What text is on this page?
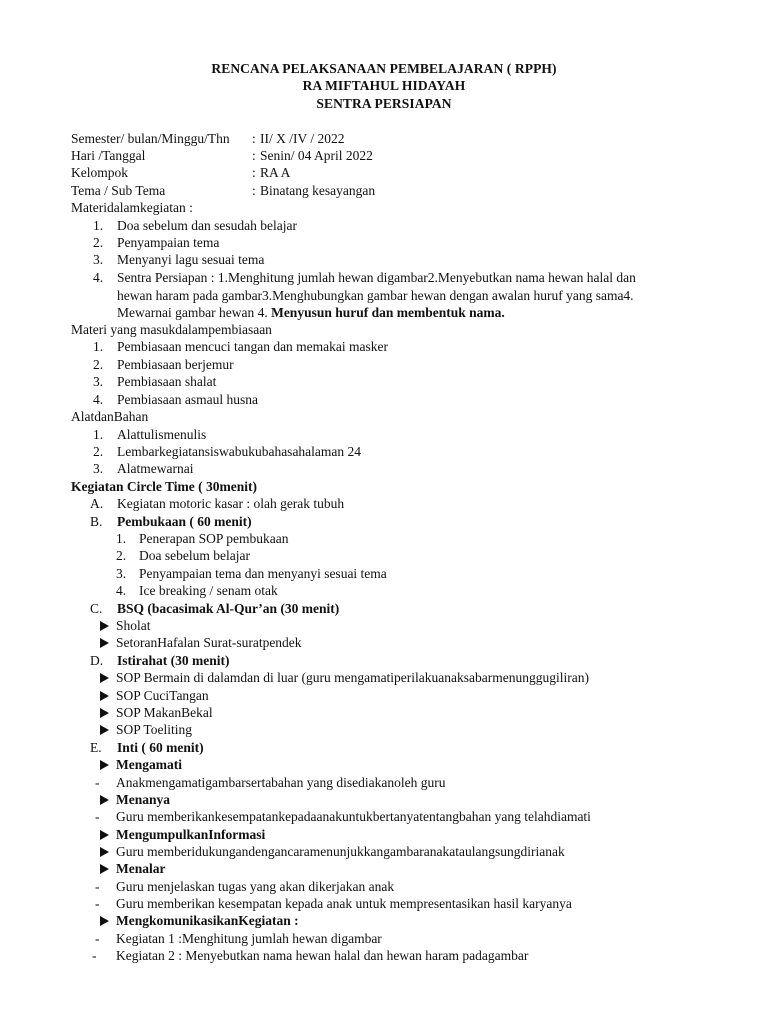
RENCANA PELAKSANAAN PEMBELAJARAN ( RPPH)
RA MIFTAHUL HIDAYAH
SENTRA PERSIAPAN
Semester/ bulan/Minggu/Thn : II/ X /IV / 2022
Hari /Tanggal	: Senin/ 04 April 2022
Kelompok	: RA A
Tema / Sub Tema	: Binatang kesayangan
Materidalamkegiatan :
1. Doa sebelum dan sesudah belajar
2. Penyampaian tema
3. Menyanyi lagu sesuai tema
4. Sentra Persiapan : 1.Menghitung jumlah hewan digambar2.Menyebutkan nama hewan halal dan
hewan haram pada gambar3.Menghubungkan gambar hewan dengan awalan huruf yang sama4.
Mewarnai gambar hewan 4. Menyusun huruf dan membentuk nama.
Materi yang masukdalampembiasaan
1. Pembiasaan mencuci tangan dan memakai masker
2. Pembiasaan berjemur
3. Pembiasaan shalat
4. Pembiasaan asmaul husna
AlatdanBahan
1. Alattulismenulis
2. Lembarkegiatansiswabukubahasahalaman 24
3. Alatmewarnai
Kegiatan Circle Time ( 30menit)
A. Kegiatan motoric kasar : olah gerak tubuh
B. Pembukaan ( 60 menit)
1. Penerapan SOP pembukaan
2. Doa sebelum belajar
3. Penyampaian tema dan menyanyi sesuai tema
4. Ice breaking / senam otak
C. BSQ (bacasimak Al-Qur’an (30 menit)
Sholat
SetoranHafalan Surat-suratpendek
D. Istirahat (30 menit)
SOP Bermain di dalamdan di luar (guru mengamatiperilakuanaksabarmenunggugiliran)
SOP CuciTangan
SOP MakanBekal
SOP Toeliting
E. Inti ( 60 menit)
Mengamati
- Anakmengamatigambarsertabahan yang disediakanoleh guru
Menanya
- Guru memberikankesempatankepadaanakuntukbertanyatentangbahan yang telahdiamati
MengumpulkanInformasi
Guru memberidukungandengancaramenunjukkangambaranakataulangsungdirianak
Menalar
- Guru menjelaskan tugas yang akan dikerjakan anak
- Guru memberikan kesempatan kepada anak untuk mempresentasikan hasil karyanya
MengkomunikasikanKegiatan :
- Kegiatan 1 :Menghitung jumlah hewan digambar
- Kegiatan 2 : Menyebutkan nama hewan halal dan hewan haram padagambar
